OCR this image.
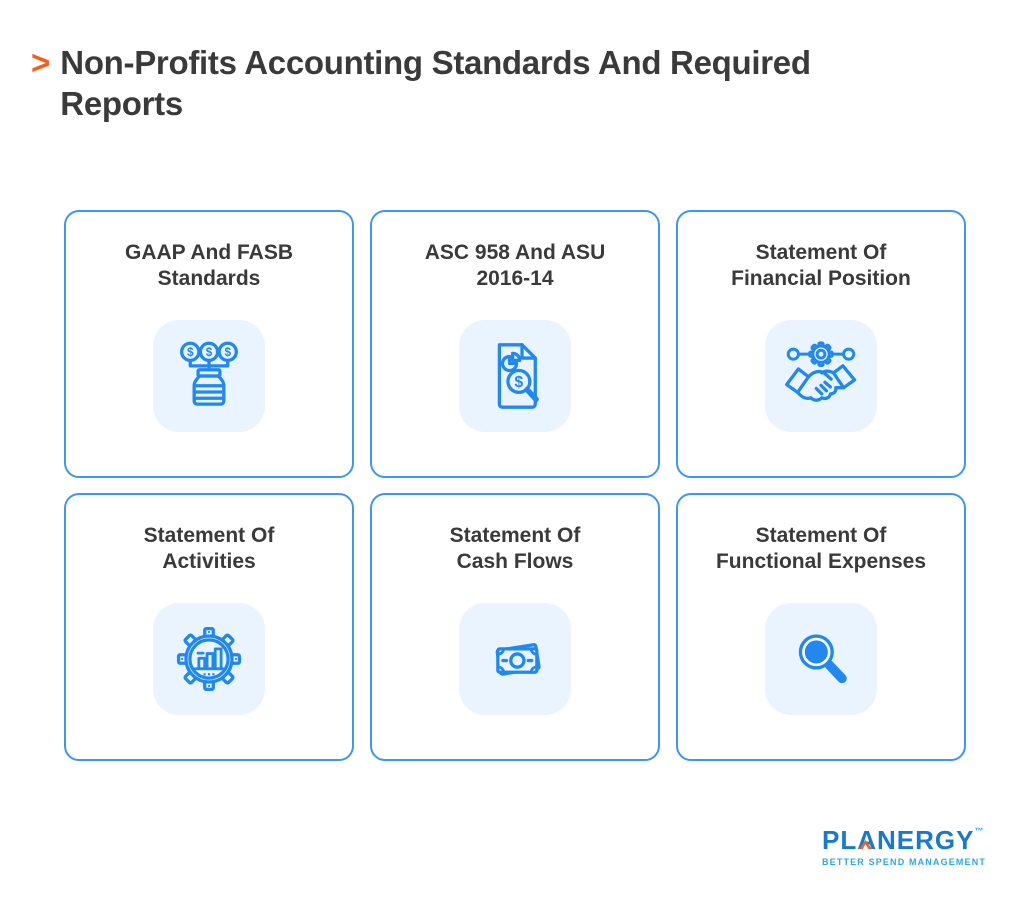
> Non-Profits Accounting Standards And Required
Reports
GAAP And FASB
Standards
$ $ $
ASC 958 And ASU
2016-14
$
Statement Of
Financial Position
Statement Of
Activities
Statement Of
Cash Flows
Statement Of
Functional Expenses
$
PLANERGY™
BETTER SPEND MANAGEMENT
